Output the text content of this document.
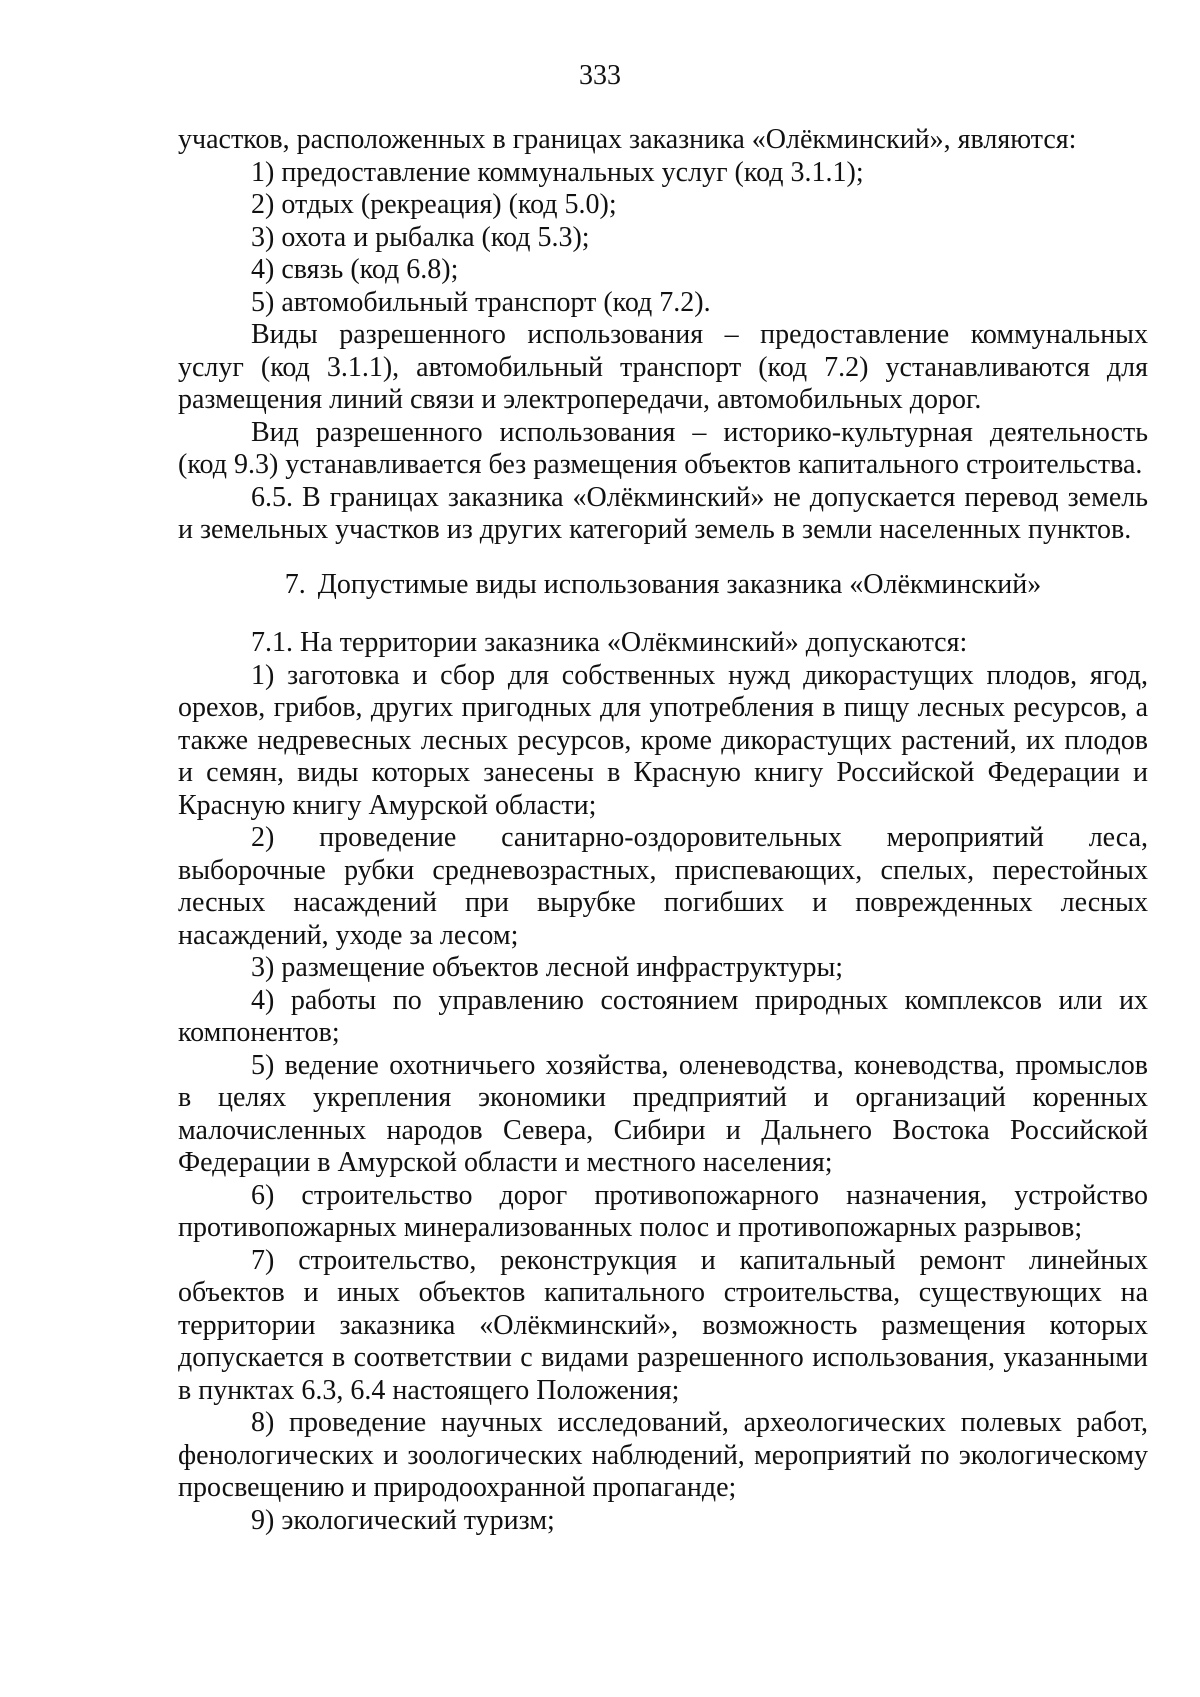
333

участков, расположенных в границах заказника «Олёкминский», являются:

1) предоставление коммунальных услуг (код 3.1.1);

2) отдых (рекреация) (код 5.0);

3) охота и рыбалка (код 5.3);

4) связь (код 6.8);

5) автомобильный транспорт (код 7.2).

Виды разрешенного использования – предоставление коммунальных услуг (код 3.1.1), автомобильный транспорт (код 7.2) устанавливаются для размещения линий связи и электропередачи, автомобильных дорог.

Вид разрешенного использования – историко-культурная деятельность (код 9.3) устанавливается без размещения объектов капитального строительства.

6.5. В границах заказника «Олёкминский» не допускается перевод земель и земельных участков из других категорий земель в земли населенных пунктов.

7. Допустимые виды использования заказника «Олёкминский»

7.1. На территории заказника «Олёкминский» допускаются:

1) заготовка и сбор для собственных нужд дикорастущих плодов, ягод, орехов, грибов, других пригодных для употребления в пищу лесных ресурсов, а также недревесных лесных ресурсов, кроме дикорастущих растений, их плодов и семян, виды которых занесены в Красную книгу Российской Федерации и Красную книгу Амурской области;

2) проведение санитарно-оздоровительных мероприятий леса, выборочные рубки средневозрастных, приспевающих, спелых, перестойных лесных насаждений при вырубке погибших и поврежденных лесных насаждений, уходе за лесом;

3) размещение объектов лесной инфраструктуры;

4) работы по управлению состоянием природных комплексов или их компонентов;

5) ведение охотничьего хозяйства, оленеводства, коневодства, промыслов в целях укрепления экономики предприятий и организаций коренных малочисленных народов Севера, Сибири и Дальнего Востока Российской Федерации в Амурской области и местного населения;

6) строительство дорог противопожарного назначения, устройство противопожарных минерализованных полос и противопожарных разрывов;

7) строительство, реконструкция и капитальный ремонт линейных объектов и иных объектов капитального строительства, существующих на территории заказника «Олёкминский», возможность размещения которых допускается в соответствии с видами разрешенного использования, указанными в пунктах 6.3, 6.4 настоящего Положения;

8) проведение научных исследований, археологических полевых работ, фенологических и зоологических наблюдений, мероприятий по экологическому просвещению и природоохранной пропаганде;

9) экологический туризм;
